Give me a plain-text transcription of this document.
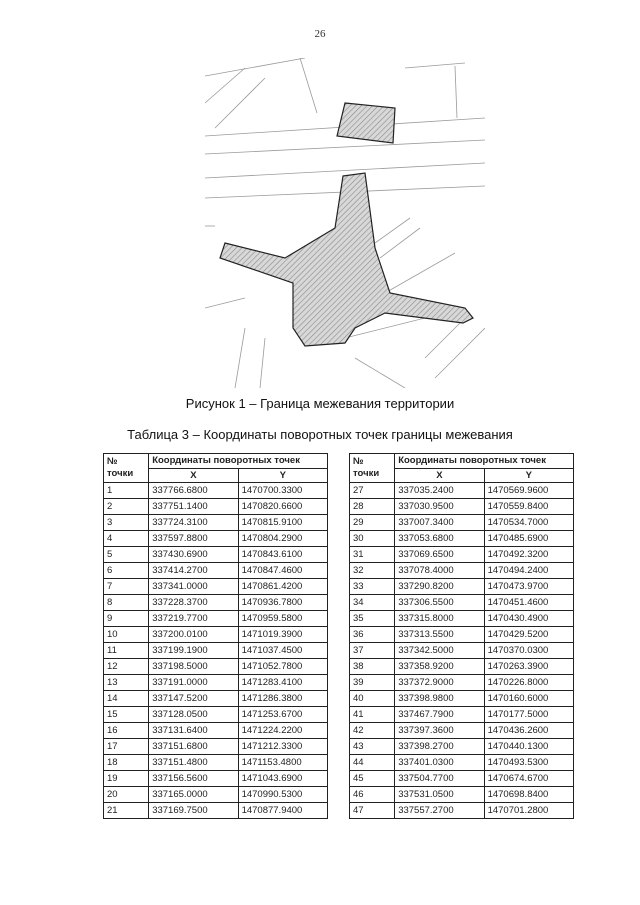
26
Рисунок 1 – Граница межевания территории
Таблица 3 – Координаты поворотных точек границы межевания
№
точки	Координаты поворотных точек	
	X	Y
1	337766.6800	1470700.3300
2	337751.1400	1470820.6600
3	337724.3100	1470815.9100
4	337597.8800	1470804.2900
5	337430.6900	1470843.6100
6	337414.2700	1470847.4600
7	337341.0000	1470861.4200
8	337228.3700	1470936.7800
9	337219.7700	1470959.5800
10	337200.0100	1471019.3900
11	337199.1900	1471037.4500
12	337198.5000	1471052.7800
13	337191.0000	1471283.4100
14	337147.5200	1471286.3800
15	337128.0500	1471253.6700
16	337131.6400	1471224.2200
17	337151.6800	1471212.3300
18	337151.4800	1471153.4800
19	337156.5600	1471043.6900
20	337165.0000	1470990.5300
21	337169.7500	1470877.9400
№
точки	Координаты поворотных точек	
	X	Y
27	337035.2400	1470569.9600
28	337030.9500	1470559.8400
29	337007.3400	1470534.7000
30	337053.6800	1470485.6900
31	337069.6500	1470492.3200
32	337078.4000	1470494.2400
33	337290.8200	1470473.9700
34	337306.5500	1470451.4600
35	337315.8000	1470430.4900
36	337313.5500	1470429.5200
37	337342.5000	1470370.0300
38	337358.9200	1470263.3900
39	337372.9000	1470226.8000
40	337398.9800	1470160.6000
41	337467.7900	1470177.5000
42	337397.3600	1470436.2600
43	337398.2700	1470440.1300
44	337401.0300	1470493.5300
45	337504.7700	1470674.6700
46	337531.0500	1470698.8400
47	337557.2700	1470701.2800
